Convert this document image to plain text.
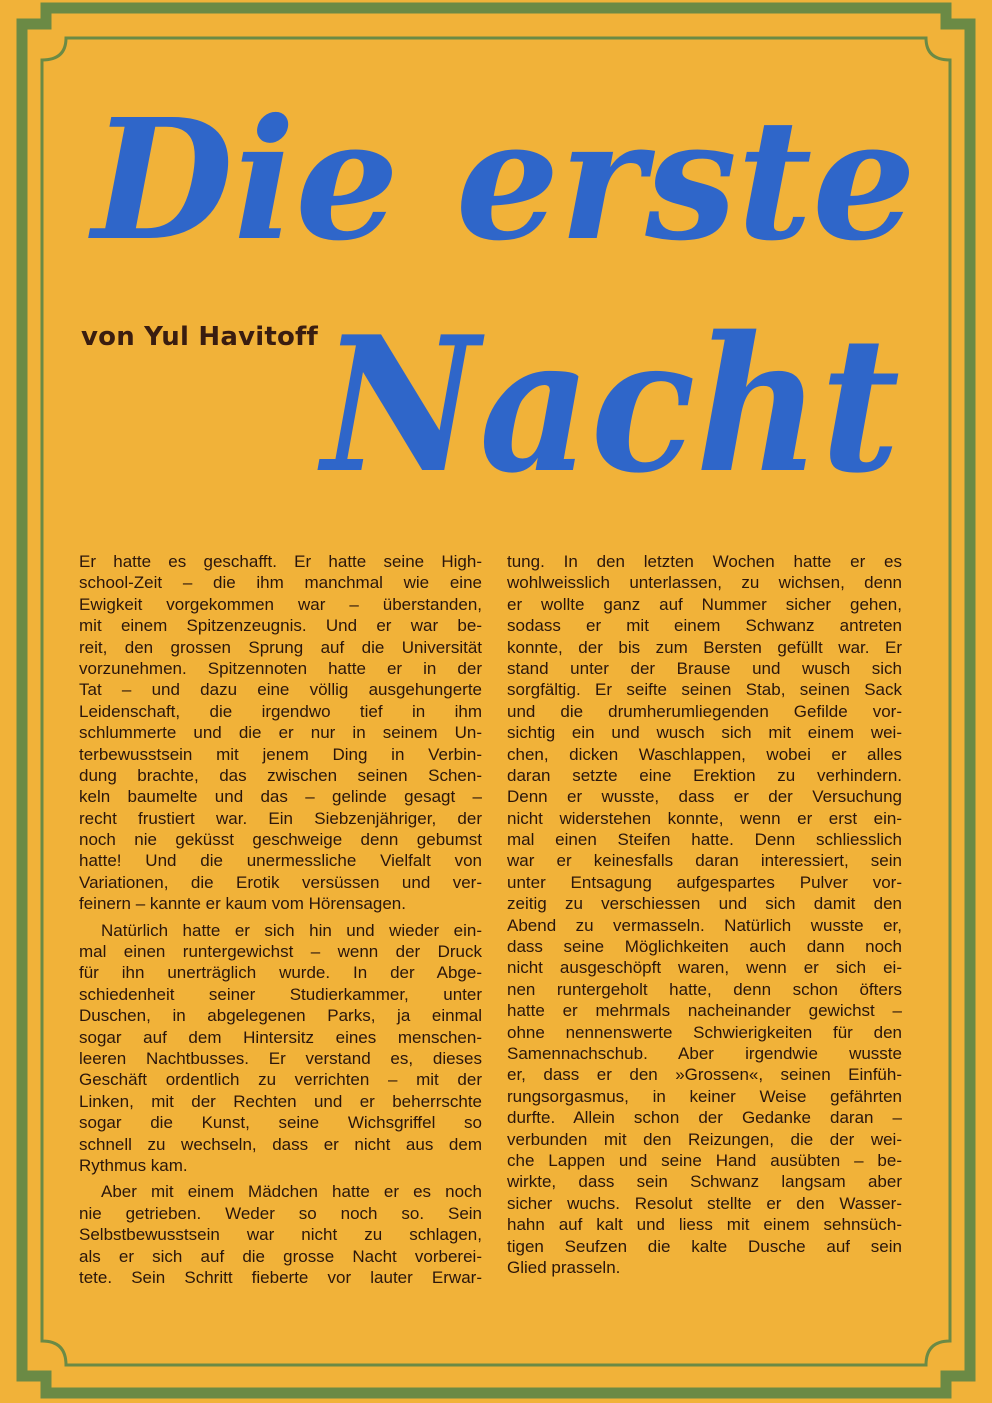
Die erste
Nacht
von Yul Havitoff
Er hatte es geschafft. Er hatte seine High-
school-Zeit – die ihm manchmal wie eine
Ewigkeit vorgekommen war – überstanden,
mit einem Spitzenzeugnis. Und er war be-
reit, den grossen Sprung auf die Universität
vorzunehmen. Spitzennoten hatte er in der
Tat – und dazu eine völlig ausgehungerte
Leidenschaft, die irgendwo tief in ihm
schlummerte und die er nur in seinem Un-
terbewusstsein mit jenem Ding in Verbin-
dung brachte, das zwischen seinen Schen-
keln baumelte und das – gelinde gesagt –
recht frustiert war. Ein Siebzenjähriger, der
noch nie geküsst geschweige denn gebumst
hatte! Und die unermessliche Vielfalt von
Variationen, die Erotik versüssen und ver-
feinern – kannte er kaum vom Hörensagen.
Natürlich hatte er sich hin und wieder ein-
mal einen runtergewichst – wenn der Druck
für ihn unerträglich wurde. In der Abge-
schiedenheit seiner Studierkammer, unter
Duschen, in abgelegenen Parks, ja einmal
sogar auf dem Hintersitz eines menschen-
leeren Nachtbusses. Er verstand es, dieses
Geschäft ordentlich zu verrichten – mit der
Linken, mit der Rechten und er beherrschte
sogar die Kunst, seine Wichsgriffel so
schnell zu wechseln, dass er nicht aus dem
Rythmus kam.
Aber mit einem Mädchen hatte er es noch
nie getrieben. Weder so noch so. Sein
Selbstbewusstsein war nicht zu schlagen,
als er sich auf die grosse Nacht vorberei-
tete. Sein Schritt fieberte vor lauter Erwar-
tung. In den letzten Wochen hatte er es
wohlweisslich unterlassen, zu wichsen, denn
er wollte ganz auf Nummer sicher gehen,
sodass er mit einem Schwanz antreten
konnte, der bis zum Bersten gefüllt war. Er
stand unter der Brause und wusch sich
sorgfältig. Er seifte seinen Stab, seinen Sack
und die drumherumliegenden Gefilde vor-
sichtig ein und wusch sich mit einem wei-
chen, dicken Waschlappen, wobei er alles
daran setzte eine Erektion zu verhindern.
Denn er wusste, dass er der Versuchung
nicht widerstehen konnte, wenn er erst ein-
mal einen Steifen hatte. Denn schliesslich
war er keinesfalls daran interessiert, sein
unter Entsagung aufgespartes Pulver vor-
zeitig zu verschiessen und sich damit den
Abend zu vermasseln. Natürlich wusste er,
dass seine Möglichkeiten auch dann noch
nicht ausgeschöpft waren, wenn er sich ei-
nen runtergeholt hatte, denn schon öfters
hatte er mehrmals nacheinander gewichst –
ohne nennenswerte Schwierigkeiten für den
Samennachschub. Aber irgendwie wusste
er, dass er den »Grossen«, seinen Einfüh-
rungsorgasmus, in keiner Weise gefährten
durfte. Allein schon der Gedanke daran –
verbunden mit den Reizungen, die der wei-
che Lappen und seine Hand ausübten – be-
wirkte, dass sein Schwanz langsam aber
sicher wuchs. Resolut stellte er den Wasser-
hahn auf kalt und liess mit einem sehnsüch-
tigen Seufzen die kalte Dusche auf sein
Glied prasseln.
